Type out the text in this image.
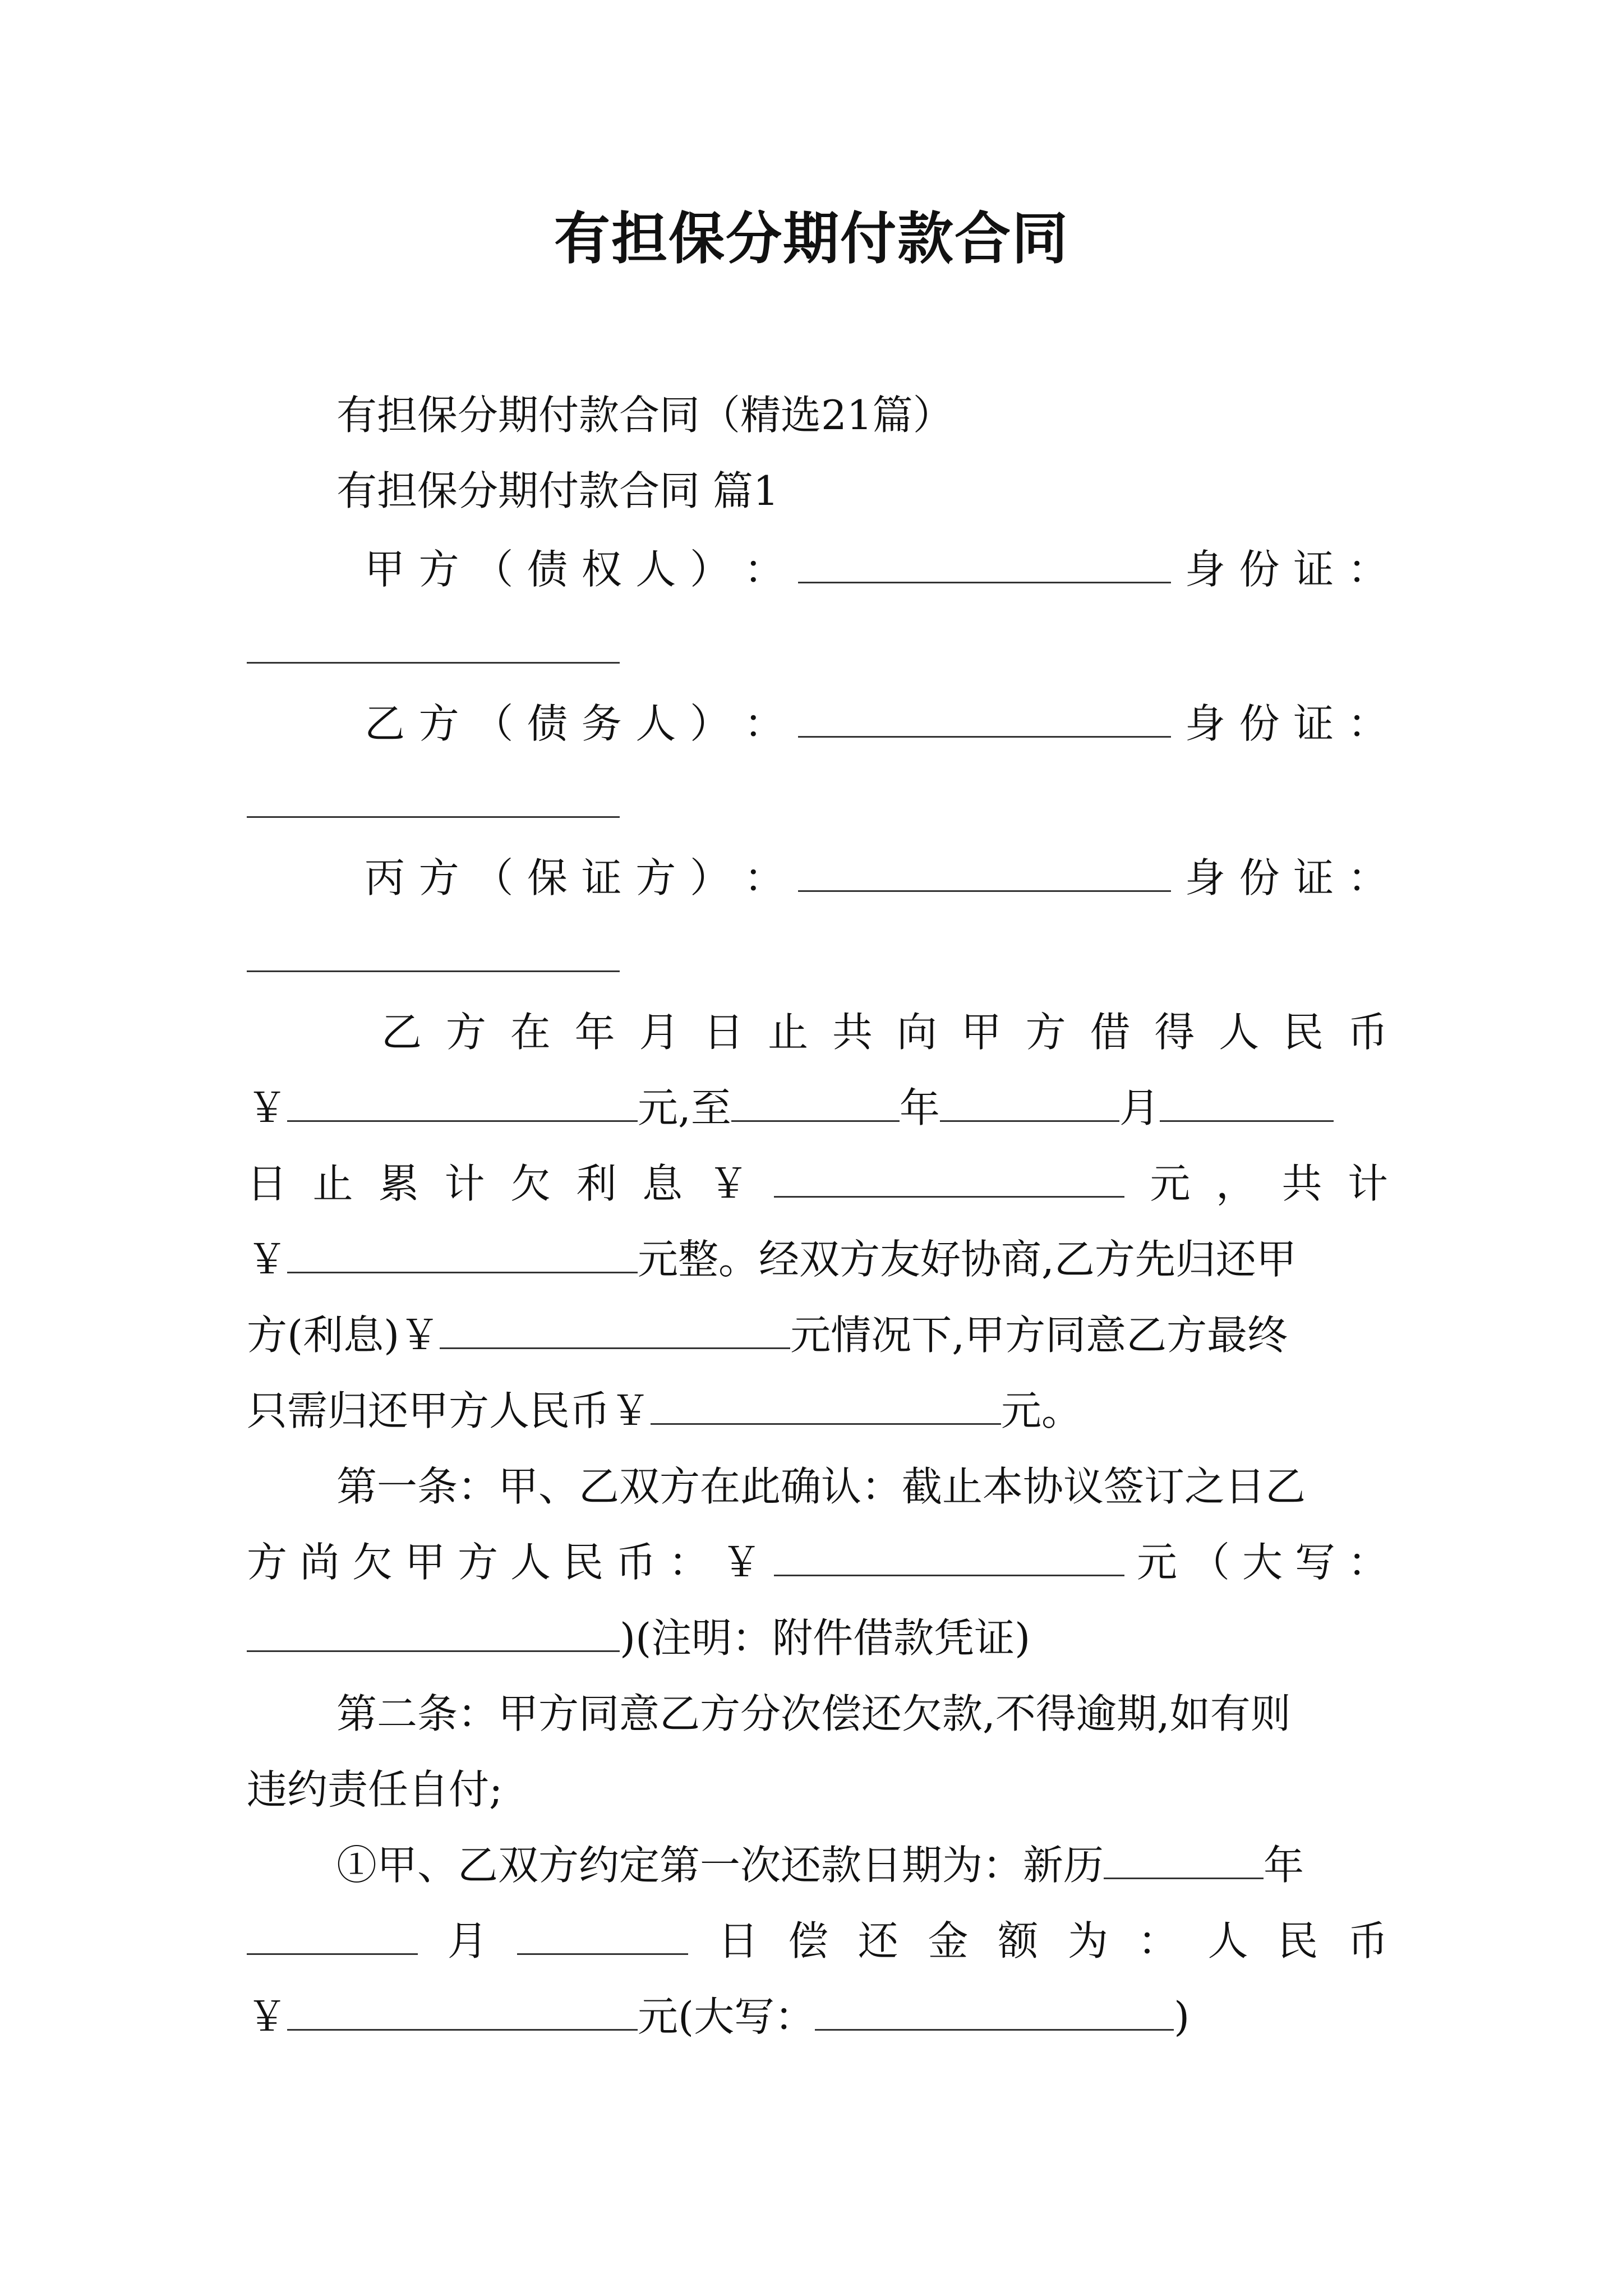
有担保分期付款合同
有担保分期付款合同（精选21篇）
有担保分期付款合同 篇1
甲 方 （ 债 权 人 ） ：	身 份 证 ：
乙 方 （ 债 务 人 ） ：	身 份 证 ：
丙 方 （ 保 证 方 ） ：	身 份 证 ：
乙 方 在 年 月 日 止 共 向 甲 方 借 得 人 民 币
￥	元,至	年	月
日 止 累 计 欠 利 息 ￥	元 ， 共 计
￥	元整。经双方友好协商,乙方先归还甲
方(利息)￥	元情况下,甲方同意乙方最终
只需归还甲方人民币￥	元。
第一条：甲、乙双方在此确认：截止本协议签订之日乙
方 尚 欠 甲 方 人 民 币 ： ￥	元 （ 大 写 ：
)(注明：附件借款凭证)
第二条：甲方同意乙方分次偿还欠款,不得逾期,如有则
违约责任自付;
①甲、乙双方约定第一次还款日期为：新历	年
月	日 偿 还 金 额 为 ： 人 民 币
￥	元(大写：	)
